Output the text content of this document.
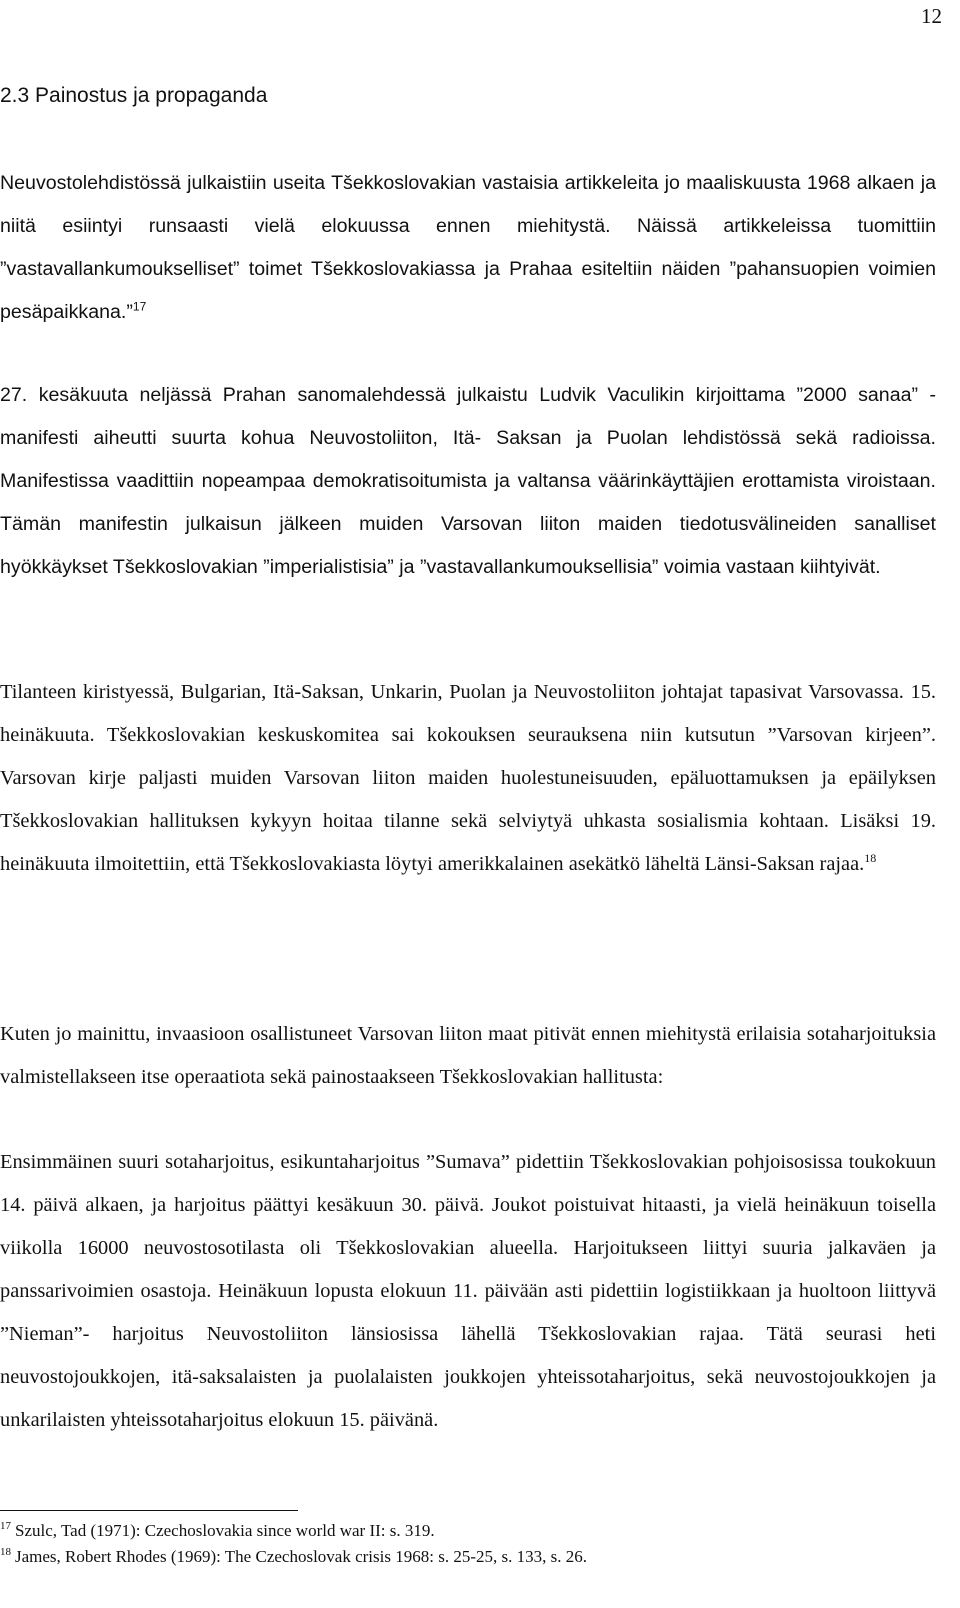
12
2.3 Painostus ja propaganda

Neuvostolehdistössä julkaistiin useita Tšekkoslovakian vastaisia artikkeleita jo maaliskuusta 1968 alkaen ja niitä esiintyi runsaasti vielä elokuussa ennen miehitystä. Näissä artikkeleissa tuomittiin ”vastavallankumoukselliset” toimet Tšekkoslovakiassa ja Prahaa esiteltiin näiden ”pahansuopien voimien pesäpaikkana.”$^{17}$

27. kesäkuuta neljässä Prahan sanomalehdessä julkaistu Ludvik Vaculikin kirjoittama ”2000 sanaa” - manifesti aiheutti suurta kohua Neuvostoliiton, Itä- Saksan ja Puolan lehdistössä sekä radioissa. Manifestissa vaadittiin nopeampaa demokratisoitumista ja valtansa väärinkäyttäjien erottamista viroistaan. Tämän manifestin julkaisun jälkeen muiden Varsovan liiton maiden tiedotusvälineiden sanalliset hyökkäykset Tšekkoslovakian ”imperialistisia” ja ”vastavallankumouksellisia” voimia vastaan kiihtyivät.

Tilanteen kiristyessä, Bulgarian, Itä-Saksan, Unkarin, Puolan ja Neuvostoliiton johtajat tapasivat Varsovassa. 15. heinäkuuta. Tšekkoslovakian keskuskomitea sai kokouksen seurauksena niin kutsutun ”Varsovan kirjeen”. Varsovan kirje paljasti muiden Varsovan liiton maiden huolestuneisuuden, epäluottamuksen ja epäilyksen Tšekkoslovakian hallituksen kykyyn hoitaa tilanne sekä selviytyä uhkasta sosialismia kohtaan. Lisäksi 19. heinäkuuta ilmoitettiin, että Tšekkoslovakiasta löytyi amerikkalainen asekätkö läheltä Länsi-Saksan rajaa.$^{18}$

Kuten jo mainittu, invaasioon osallistuneet Varsovan liiton maat pitivät ennen miehitystä erilaisia sotaharjoituksia valmistellakseen itse operaatiota sekä painostaakseen Tšekkoslovakian hallitusta:

Ensimmäinen suuri sotaharjoitus, esikuntaharjoitus ”Sumava” pidettiin Tšekkoslovakian pohjoisosissa toukokuun 14. päivä alkaen, ja harjoitus päättyi kesäkuun 30. päivä. Joukot poistuivat hitaasti, ja vielä heinäkuun toisella viikolla 16000 neuvostosotilasta oli Tšekkoslovakian alueella. Harjoitukseen liittyi suuria jalkaväen ja panssarivoimien osastoja. Heinäkuun lopusta elokuun 11. päivään asti pidettiin logistiikkaan ja huoltoon liittyvä ”Nieman”- harjoitus Neuvostoliiton länsiosissa lähellä Tšekkoslovakian rajaa. Tätä seurasi heti neuvostojoukkojen, itä-saksalaisten ja puolalaisten joukkojen yhteissotaharjoitus, sekä neuvostojoukkojen ja unkarilaisten yhteissotaharjoitus elokuun 15. päivänä.

$^{17}$ Szulc, Tad (1971): Czechoslovakia since world war II: s. 319.

$^{18}$ James, Robert Rhodes (1969): The Czechoslovak crisis 1968: s. 25-25, s. 133, s. 26.
